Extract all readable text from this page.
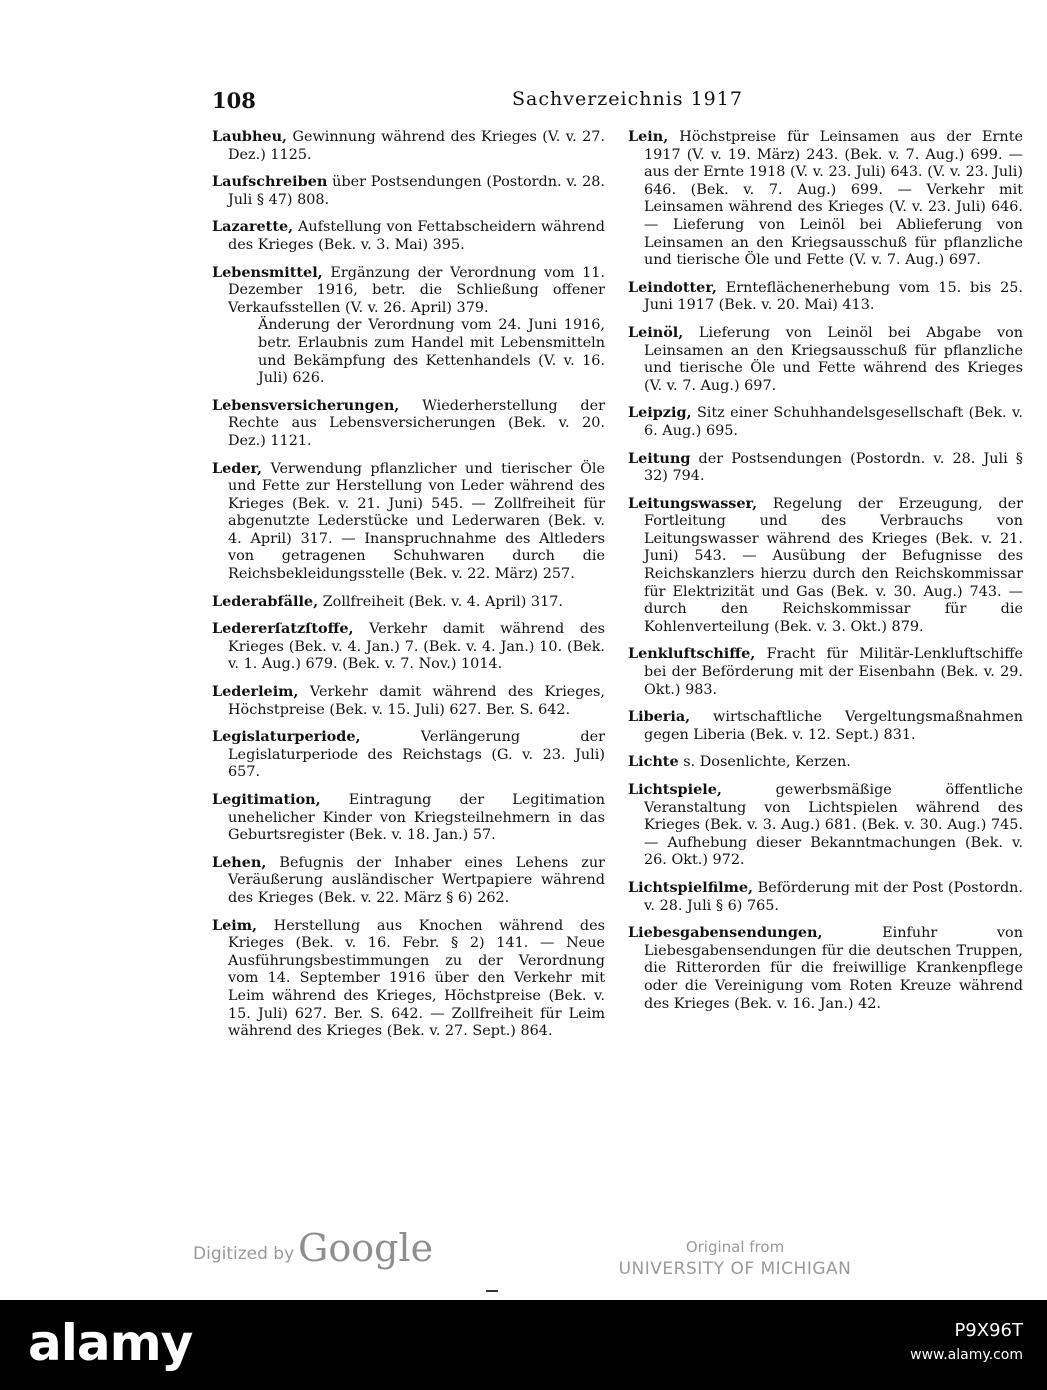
108	Sachverzeichnis 1917
Laubheu, Gewinnung während des Krieges (V. v. 27. Dez.) 1125.
Laufschreiben über Postsendungen (Postordn. v. 28. Juli § 47) 808.
Lazarette, Aufstellung von Fettabscheidern während des Krieges (Bek. v. 3. Mai) 395.
Lebensmittel, Ergänzung der Verordnung vom 11. Dezember 1916, betr. die Schließung offener Verkaufsstellen (V. v. 26. April) 379.
Änderung der Verordnung vom 24. Juni 1916, betr. Erlaubnis zum Handel mit Lebensmitteln und Bekämpfung des Kettenhandels (V. v. 16. Juli) 626.
Lebensversicherungen, Wiederherstellung der Rechte aus Lebensversicherungen (Bek. v. 20. Dez.) 1121.
Leder, Verwendung pflanzlicher und tierischer Öle und Fette zur Herstellung von Leder während des Krieges (Bek. v. 21. Juni) 545. — Zollfreiheit für abgenutzte Lederstücke und Lederwaren (Bek. v. 4. April) 317. — Inanspruchnahme des Altleders von getragenen Schuhwaren durch die Reichsbekleidungsstelle (Bek. v. 22. März) 257.
Lederabfälle, Zollfreiheit (Bek. v. 4. April) 317.
Ledererſatzſtoffe, Verkehr damit während des Krieges (Bek. v. 4. Jan.) 7. (Bek. v. 4. Jan.) 10. (Bek. v. 1. Aug.) 679. (Bek. v. 7. Nov.) 1014.
Lederleim, Verkehr damit während des Krieges, Höchstpreise (Bek. v. 15. Juli) 627. Ber. S. 642.
Legislaturperiode,	Verlängerung der Legislaturperiode des Reichstags (G. v. 23. Juli) 657.
Legitimation, Eintragung der Legitimation unehelicher Kinder von Kriegsteilnehmern in das Geburtsregister (Bek. v. 18. Jan.) 57.
Lehen, Befugnis der Inhaber eines Lehens zur Veräußerung ausländischer Wertpapiere während des Krieges (Bek. v. 22. März § 6) 262.
Leim, Herstellung aus Knochen während des Krieges (Bek. v. 16. Febr. § 2) 141. — Neue Ausführungsbestimmungen zu der Verordnung vom 14. September 1916 über den Verkehr mit Leim während des Krieges, Höchstpreise (Bek. v. 15. Juli) 627. Ber. S. 642. — Zollfreiheit für Leim während des Krieges (Bek. v. 27. Sept.) 864.
Lein, Höchstpreise für Leinsamen aus der Ernte 1917 (V. v. 19. März) 243. (Bek. v. 7. Aug.) 699. — aus der Ernte 1918 (V. v. 23. Juli) 643. (V. v. 23. Juli) 646. (Bek. v. 7. Aug.) 699. — Verkehr mit Leinsamen während des Krieges (V. v. 23. Juli) 646. — Lieferung von Leinöl bei Ablieferung von Leinsamen an den Kriegsausschuß für pflanzliche und tierische Öle und Fette (V. v. 7. Aug.) 697.
Leindotter, Ernteflächenerhebung vom 15. bis 25. Juni 1917 (Bek. v. 20. Mai) 413.
Leinöl, Lieferung von Leinöl bei Abgabe von Leinsamen an den Kriegsausschuß für pflanzliche und tierische Öle und Fette während des Krieges (V. v. 7. Aug.) 697.
Leipzig, Sitz einer Schuhhandelsgesellschaft (Bek. v. 6. Aug.) 695.
Leitung der Postsendungen (Postordn. v. 28. Juli § 32) 794.
Leitungswasser, Regelung der Erzeugung, der Fortleitung und des Verbrauchs von Leitungswasser während des Krieges (Bek. v. 21. Juni) 543. — Ausübung der Befugnisse des Reichskanzlers hierzu durch den Reichskommissar für Elektrizität und Gas (Bek. v. 30. Aug.) 743. — durch den Reichskommissar für die Kohlenverteilung (Bek. v. 3. Okt.) 879.
Lenkluftschiffe, Fracht für Militär-Lenkluftschiffe bei der Beförderung mit der Eisenbahn (Bek. v. 29. Okt.) 983.
Liberia, wirtschaftliche Vergeltungsmaßnahmen gegen Liberia (Bek. v. 12. Sept.) 831.
Lichte s. Dosenlichte, Kerzen.
Lichtspiele,	gewerbsmäßige öffentliche Veranstaltung von Lichtspielen während des Krieges (Bek. v. 3. Aug.) 681. (Bek. v. 30. Aug.) 745. — Aufhebung dieser Bekanntmachungen (Bek. v. 26. Okt.) 972.
Lichtspielfilme, Beförderung mit der Post (Postordn. v. 28. Juli § 6) 765.
Liebesgabensendungen,	Einfuhr von Liebesgabensendungen für die deutschen Truppen, die Ritterorden für die freiwillige Krankenpflege oder die Vereinigung vom Roten Kreuze während des Krieges (Bek. v. 16. Jan.) 42.
Digitized by Google	Original from
UNIVERSITY OF MICHIGAN
alamy	P9X96T
www.alamy.com
